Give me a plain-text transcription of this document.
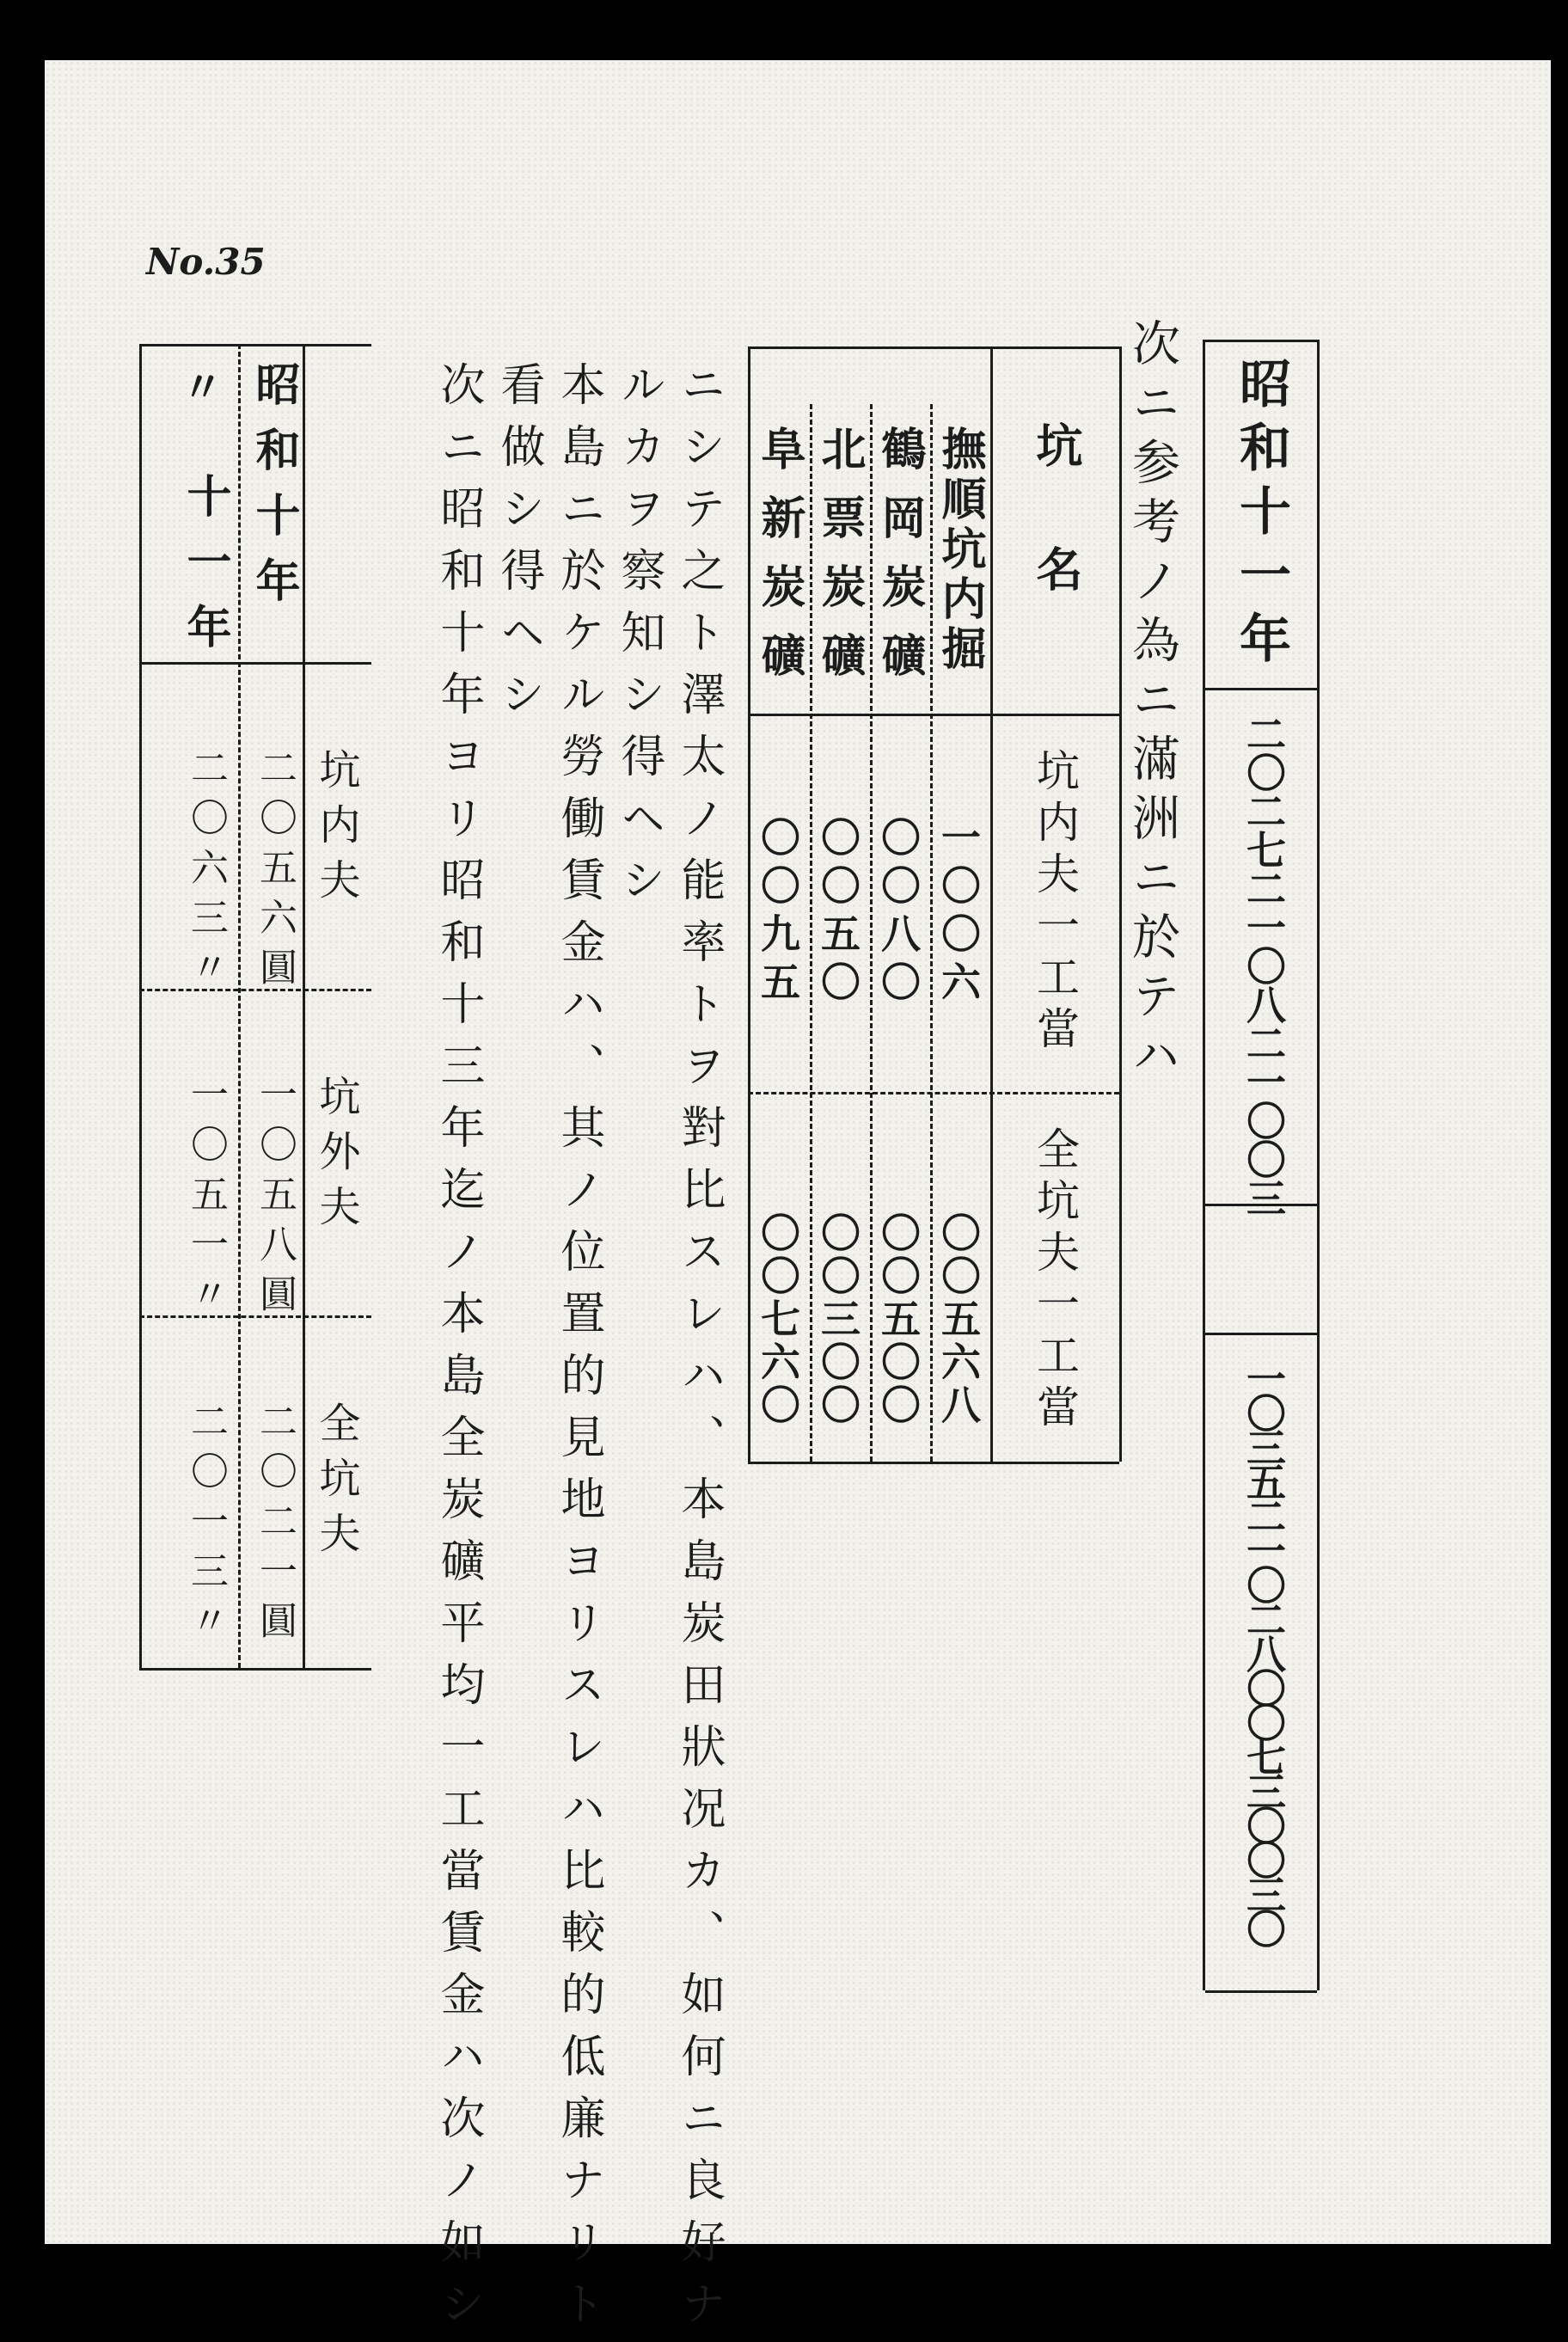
No.35
昭和十一年
二〇二七二一〇八二一〇〇三
一〇三五二一〇二八〇〇七三〇〇三〇
次ニ参考ノ為ニ滿洲ニ於テハ
坑名
坑内夫一工當
全坑夫一工當
撫順坑内掘
一〇〇六
〇〇五六八
鶴岡炭礦
〇〇八〇
〇〇五〇〇
北票炭礦
〇〇五〇
〇〇三〇〇
阜新炭礦
〇〇九五
〇〇七六〇
ニシテ之ト澤太ノ能率トヲ對比スレハ、本島炭田狀况カ、如何ニ良好ナ
ルカヲ察知シ得ヘシ
本島ニ於ケル勞働賃金ハ、其ノ位置的見地ヨリスレハ比較的低廉ナリト
看做シ得ヘシ
次ニ昭和十年ヨリ昭和十三年迄ノ本島全炭礦平均一工當賃金ハ次ノ如シ
坑内夫
坑外夫
全坑夫
昭和十年
二〇五六圓
一〇五八圓
二〇二一圓
〃
十一年
二〇六三〃
一〇五一〃
二〇一三〃
